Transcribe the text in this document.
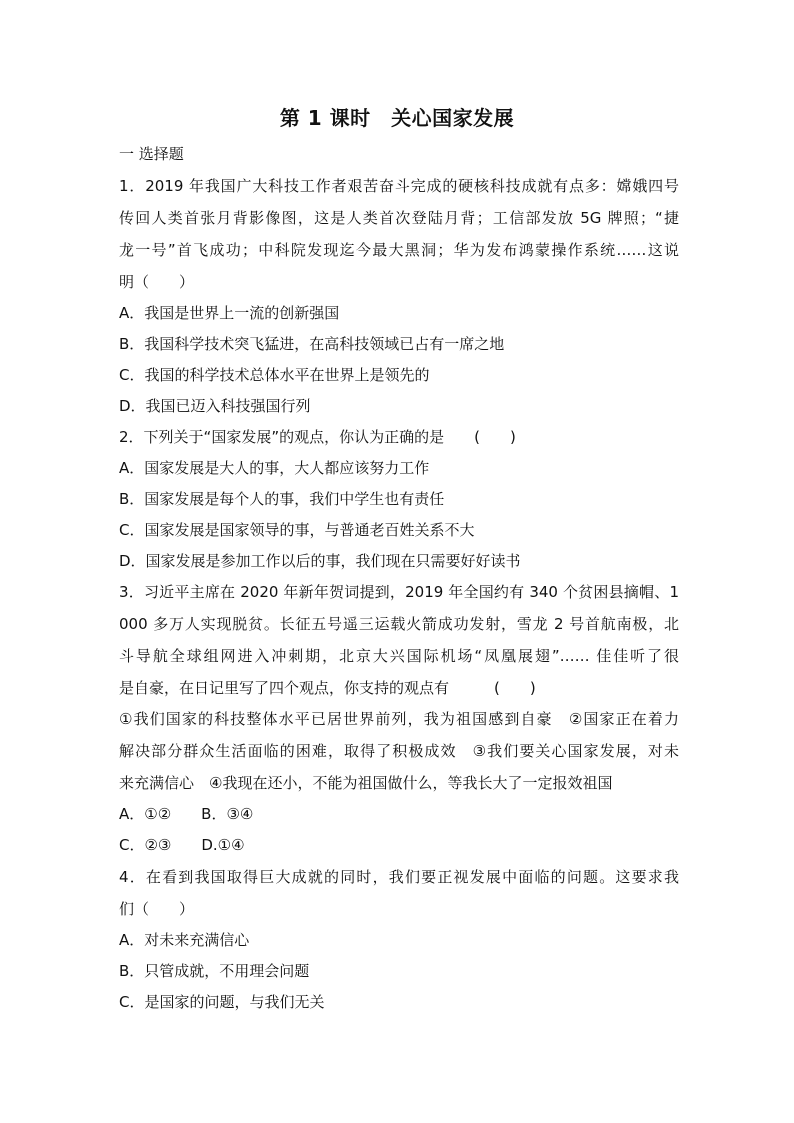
第 1 课时　关心国家发展
一 选择题
1．2019 年我国广大科技工作者艰苦奋斗完成的硬核科技成就有点多：嫦娥四号
传回人类首张月背影像图，这是人类首次登陆月背；工信部发放 5G 牌照；“捷
龙一号”首飞成功；中科院发现迄今最大黑洞；华为发布鸿蒙操作系统……这说
明（　　）
A．我国是世界上一流的创新强国
B．我国科学技术突飞猛进，在高科技领域已占有一席之地
C．我国的科学技术总体水平在世界上是领先的
D．我国已迈入科技强国行列
2．下列关于“国家发展”的观点，你认为正确的是　　(　　)
A．国家发展是大人的事，大人都应该努力工作
B．国家发展是每个人的事，我们中学生也有责任
C．国家发展是国家领导的事，与普通老百姓关系不大
D．国家发展是参加工作以后的事，我们现在只需要好好读书
3．习近平主席在 2020 年新年贺词提到，2019 年全国约有 340 个贫困县摘帽、1
000 多万人实现脱贫。长征五号遥三运载火箭成功发射，雪龙 2 号首航南极，北
斗导航全球组网进入冲刺期，北京大兴国际机场“凤凰展翅”…… 佳佳听了很
是自豪，在日记里写了四个观点，你支持的观点有　　　(　　)
①我们国家的科技整体水平已居世界前列，我为祖国感到自豪　②国家正在着力
解决部分群众生活面临的困难，取得了积极成效　③我们要关心国家发展，对未
来充满信心　④我现在还小，不能为祖国做什么，等我长大了一定报效祖国
A．①②　　B．③④
C．②③　　D.①④
4．在看到我国取得巨大成就的同时，我们要正视发展中面临的问题。这要求我
们（　　）
A．对未来充满信心
B．只管成就，不用理会问题
C．是国家的问题，与我们无关
